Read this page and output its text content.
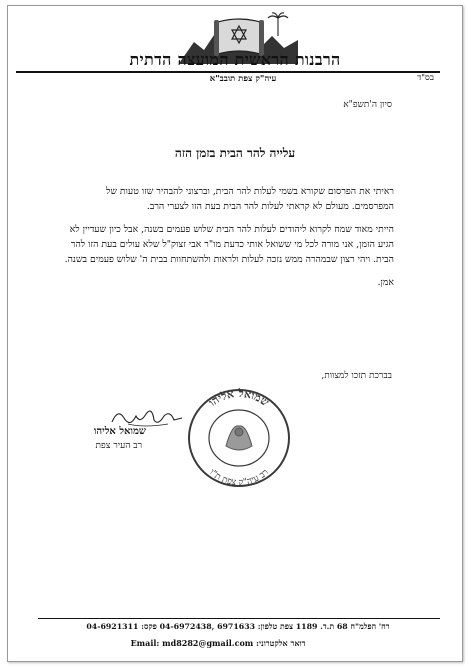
הרבנות הראשית המועצה הדתית
עיה"ק צפת תובב"א	בס"ד
סיון ה'תשפ"א
עלייה להר הבית בזמן הזה

ראיתי את הפרסום שקורא בשמי לעלות להר הבית, וברצוני להבהיר שזו טעות של המפרסמים. מעולם לא קראתי לעלות להר הבית בעת הזו לצערי הרב.

הייתי מאוד שמח לקרוא ליהודים לעלות להר הבית שלוש פעמים בשנה, אבל כיון שעדיין לא הגיע הזמן, אני מורה לכל מי ששואל אותי כדעת מו"ר אבי זצוק"ל שלא עולים בעת הזו להר הבית. ויהי רצון שבמהרה ממש נזכה לעלות ולראות ולהשתחוות בבית ה' שלוש פעמים בשנה.

אמן.

בברכת תזכו למצוות,
שמואל אליהו
רב עיה"ק צפת ת"ו
שמואל אליהו
רב העיר צפת
רח' הפלמ"ח 68 ת.ד. 1189 צפת טלפון: 6971633 ,04-6972438 פקס: 04-6921311
דואר אלקטרוני: Email: md8282@gmail.com
